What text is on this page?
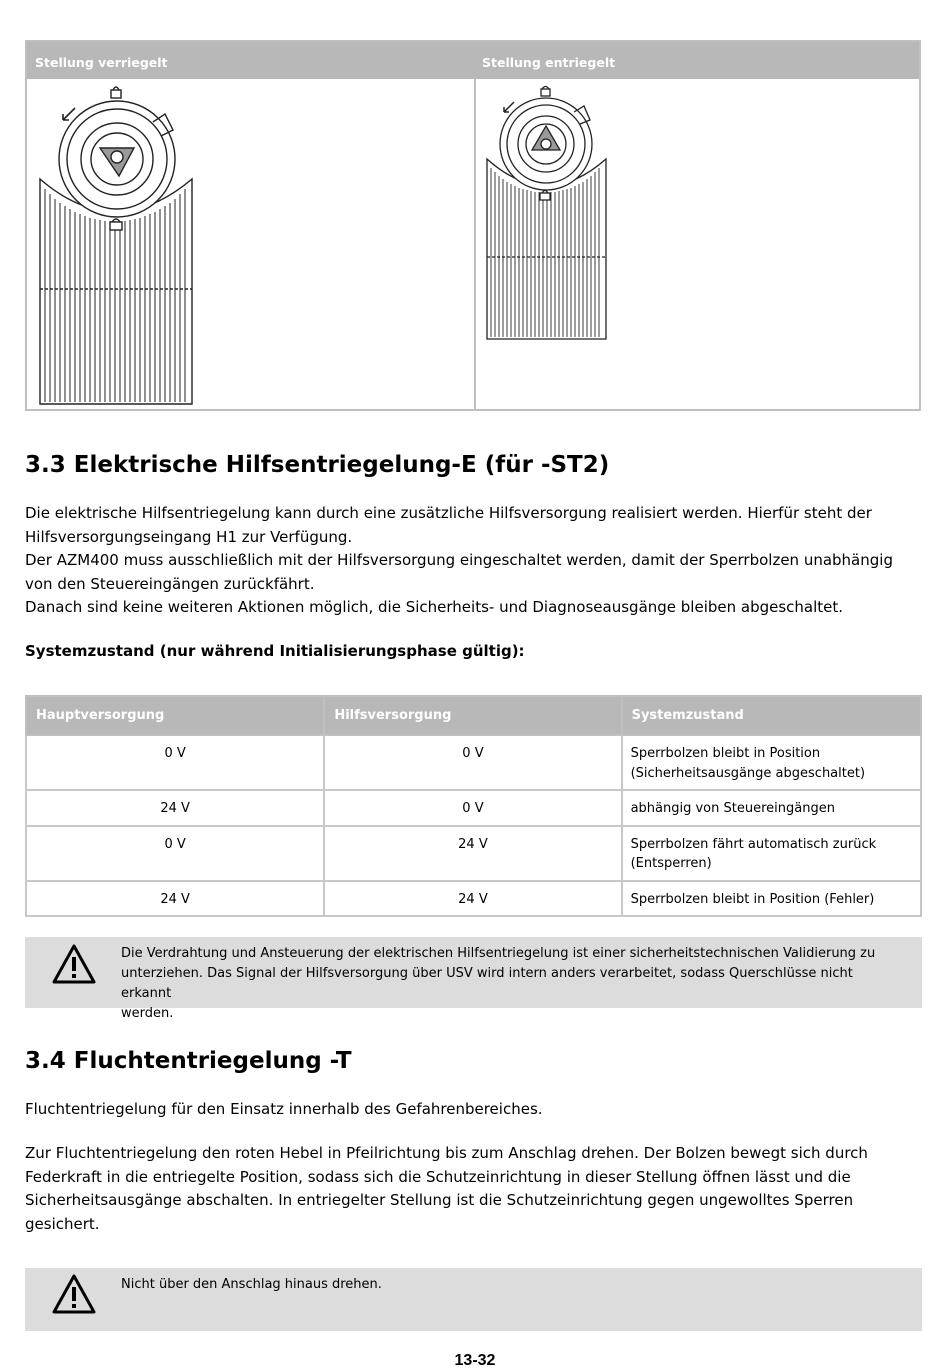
Stellung verriegelt	Stellung entriegelt
3.3 Elektrische Hilfsentriegelung-E (für -ST2)
Die elektrische Hilfsentriegelung kann durch eine zusätzliche Hilfsversorgung realisiert werden. Hierfür steht der
Hilfsversorgungseingang H1 zur Verfügung.
Der AZM400 muss ausschließlich mit der Hilfsversorgung eingeschaltet werden, damit der Sperrbolzen unabhängig
von den Steuereingängen zurückfährt.
Danach sind keine weiteren Aktionen möglich, die Sicherheits- und Diagnoseausgänge bleiben abgeschaltet.
Systemzustand (nur während Initialisierungsphase gültig):
Hauptversorgung	Hilfsversorgung	Systemzustand
0 V	0 V	Sperrbolzen bleibt in Position (Sicherheitsausgänge abgeschaltet)
24 V	0 V	abhängig von Steuereingängen
0 V	24 V	Sperrbolzen fährt automatisch zurück (Entsperren)
24 V	24 V	Sperrbolzen bleibt in Position (Fehler)
Die Verdrahtung und Ansteuerung der elektrischen Hilfsentriegelung ist einer sicherheitstechnischen Validierung zu
unterziehen. Das Signal der Hilfsversorgung über USV wird intern anders verarbeitet, sodass Querschlüsse nicht erkannt
werden.
3.4 Fluchtentriegelung -T
Fluchtentriegelung für den Einsatz innerhalb des Gefahrenbereiches.
Zur Fluchtentriegelung den roten Hebel in Pfeilrichtung bis zum Anschlag drehen. Der Bolzen bewegt sich durch
Federkraft in die entriegelte Position, sodass sich die Schutzeinrichtung in dieser Stellung öffnen lässt und die
Sicherheitsausgänge abschalten. In entriegelter Stellung ist die Schutzeinrichtung gegen ungewolltes Sperren
gesichert.
Nicht über den Anschlag hinaus drehen.
13-32
